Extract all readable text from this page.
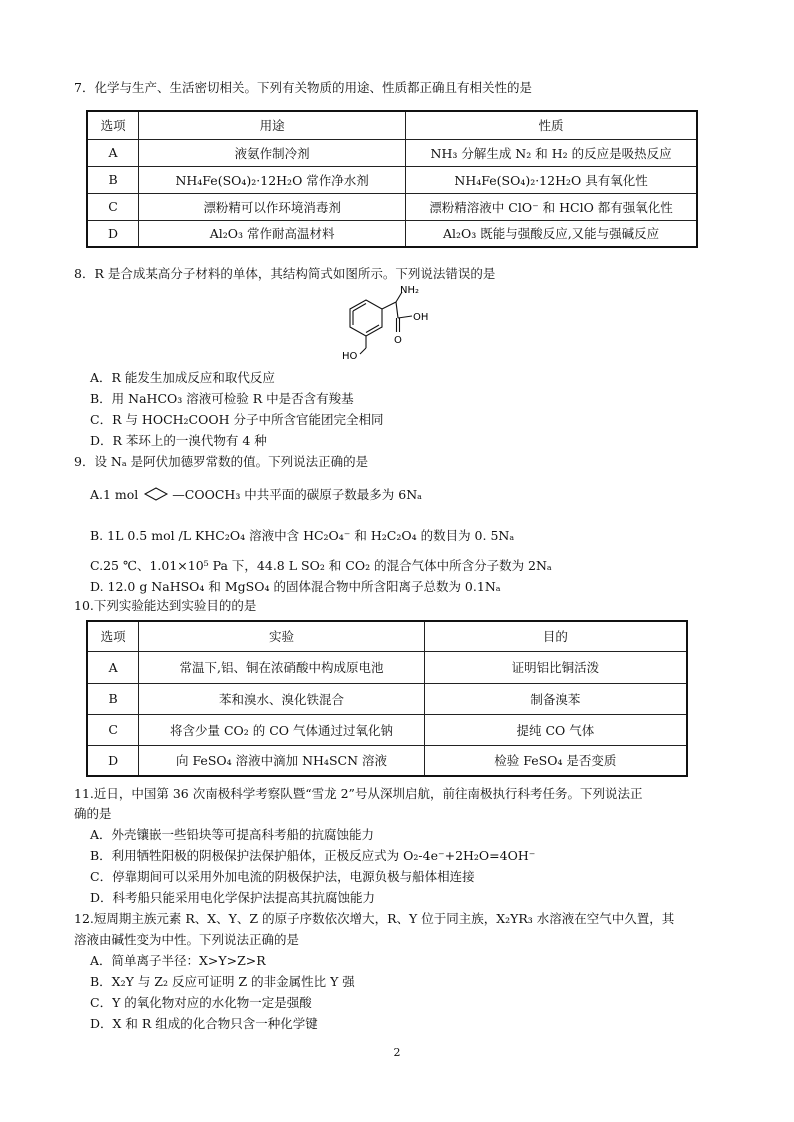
7．化学与生产、生活密切相关。下列有关物质的用途、性质都正确且有相关性的是
选项	用途	性质
A	液氨作制冷剂	NH₃ 分解生成 N₂ 和 H₂ 的反应是吸热反应
B	NH₄Fe(SO₄)₂·12H₂O 常作净水剂	NH₄Fe(SO₄)₂·12H₂O 具有氧化性
C	漂粉精可以作环境消毒剂	漂粉精溶液中 ClO⁻ 和 HClO 都有强氧化性
D	Al₂O₃ 常作耐高温材料	Al₂O₃ 既能与强酸反应,又能与强碱反应
8．R 是合成某高分子材料的单体，其结构简式如图所示。下列说法错误的是
NH₂
OH
O
HO
A．R 能发生加成反应和取代反应
B．用 NaHCO₃ 溶液可检验 R 中是否含有羧基
C．R 与 HOCH₂COOH 分子中所含官能团完全相同
D．R 苯环上的一溴代物有 4 种
9．设 Nₐ 是阿伏加德罗常数的值。下列说法正确的是
A.1 mol	—COOCH₃ 中共平面的碳原子数最多为 6Nₐ
B. 1L 0.5 mol /L KHC₂O₄ 溶液中含 HC₂O₄⁻ 和 H₂C₂O₄ 的数目为 0. 5Nₐ
C.25 ℃、1.01×10⁵ Pa 下，44.8 L SO₂ 和 CO₂ 的混合气体中所含分子数为 2Nₐ
D. 12.0 g NaHSO₄ 和 MgSO₄ 的固体混合物中所含阳离子总数为 0.1Nₐ
10.下列实验能达到实验目的的是
选项	实验	目的
A	常温下,铝、铜在浓硝酸中构成原电池	证明铝比铜活泼
B	苯和溴水、溴化铁混合	制备溴苯
C	将含少量 CO₂ 的 CO 气体通过过氧化钠	提纯 CO 气体
D	向 FeSO₄ 溶液中滴加 NH₄SCN 溶液	检验 FeSO₄ 是否变质
11.近日，中国第 36 次南极科学考察队暨“雪龙 2”号从深圳启航，前往南极执行科考任务。下列说法正
确的是
A．外壳镶嵌一些铅块等可提高科考船的抗腐蚀能力
B．利用牺牲阳极的阴极保护法保护船体，正极反应式为 O₂-4e⁻+2H₂O=4OH⁻
C．停靠期间可以采用外加电流的阴极保护法，电源负极与船体相连接
D．科考船只能采用电化学保护法提高其抗腐蚀能力
12.短周期主族元素 R、X、Y、Z 的原子序数依次增大，R、Y 位于同主族，X₂YR₃ 水溶液在空气中久置，其
溶液由碱性变为中性。下列说法正确的是
A．简单离子半径：X>Y>Z>R
B．X₂Y 与 Z₂ 反应可证明 Z 的非金属性比 Y 强
C．Y 的氧化物对应的水化物一定是强酸
D．X 和 R 组成的化合物只含一种化学键
2
